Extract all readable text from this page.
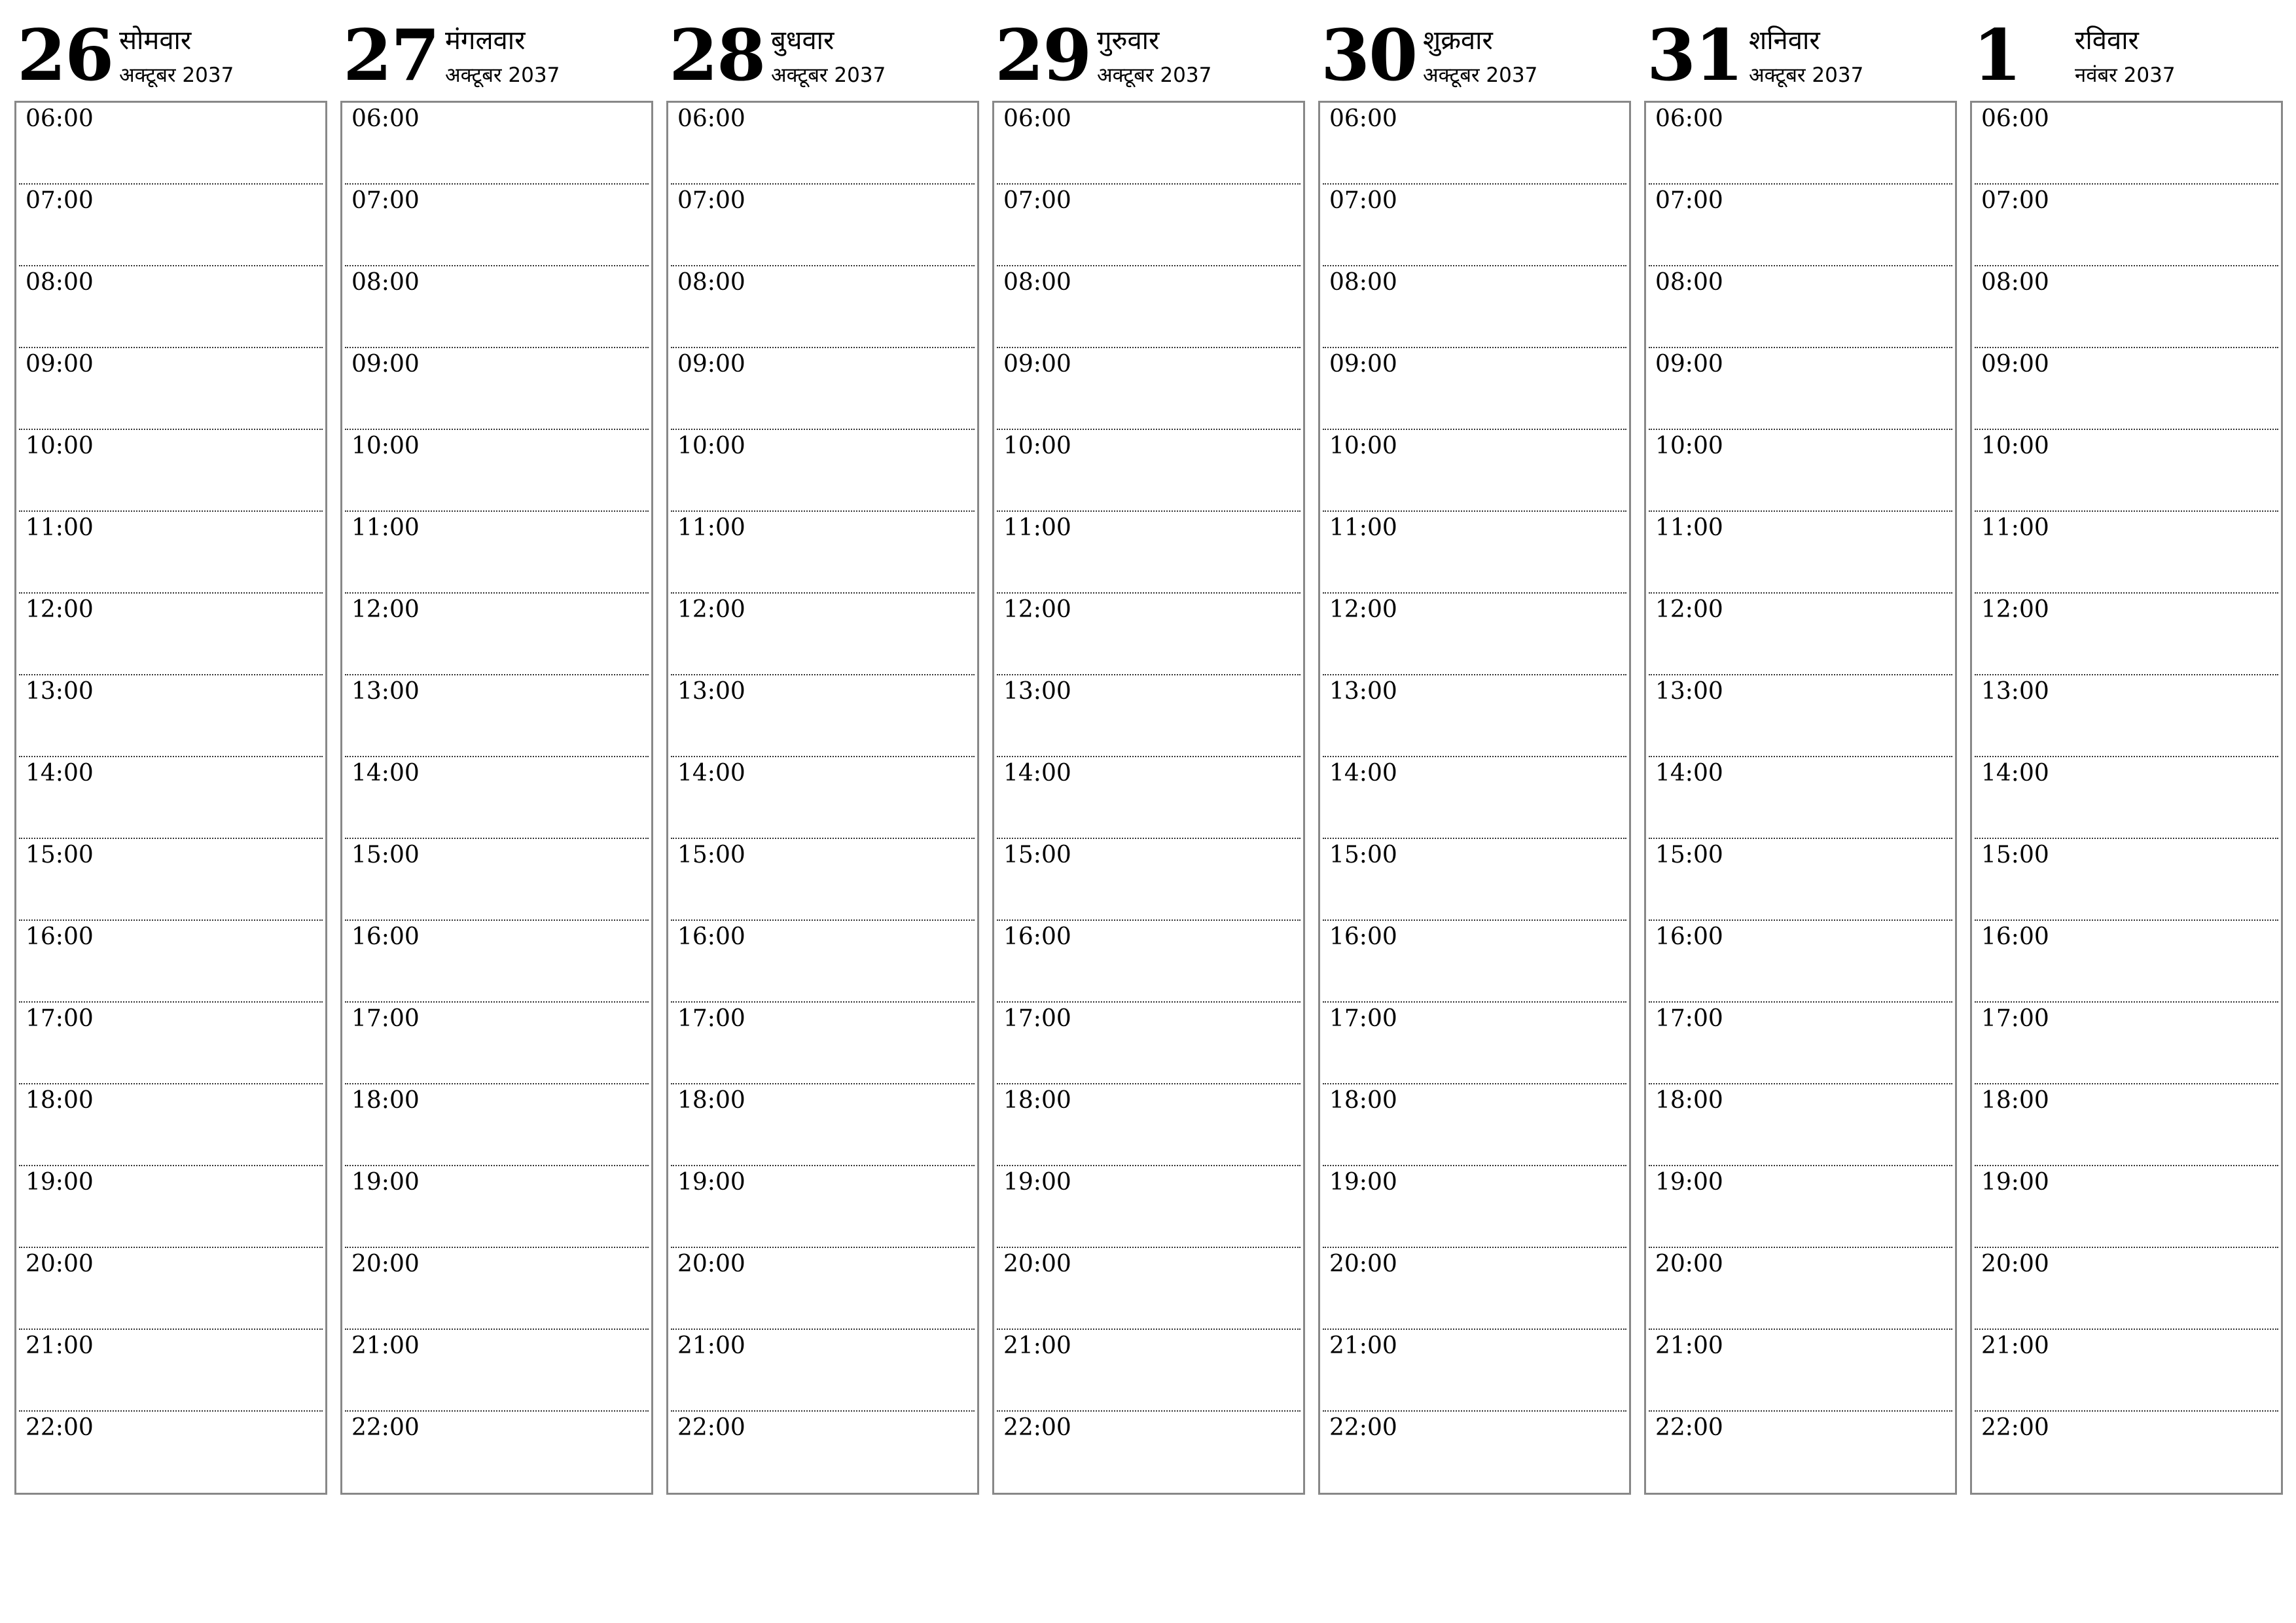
26 सोमवार
अक्टूबर 2037
06:00
07:00
08:00
09:00
10:00
11:00
12:00
13:00
14:00
15:00
16:00
17:00
18:00
19:00
20:00
21:00
22:00
27 मंगलवार
अक्टूबर 2037
06:00
07:00
08:00
09:00
10:00
11:00
12:00
13:00
14:00
15:00
16:00
17:00
18:00
19:00
20:00
21:00
22:00
28 बुधवार
अक्टूबर 2037
06:00
07:00
08:00
09:00
10:00
11:00
12:00
13:00
14:00
15:00
16:00
17:00
18:00
19:00
20:00
21:00
22:00
29 गुरुवार
अक्टूबर 2037
06:00
07:00
08:00
09:00
10:00
11:00
12:00
13:00
14:00
15:00
16:00
17:00
18:00
19:00
20:00
21:00
22:00
30 शुक्रवार
अक्टूबर 2037
06:00
07:00
08:00
09:00
10:00
11:00
12:00
13:00
14:00
15:00
16:00
17:00
18:00
19:00
20:00
21:00
22:00
31 शनिवार
अक्टूबर 2037
06:00
07:00
08:00
09:00
10:00
11:00
12:00
13:00
14:00
15:00
16:00
17:00
18:00
19:00
20:00
21:00
22:00
1 रविवार
नवंबर 2037
06:00
07:00
08:00
09:00
10:00
11:00
12:00
13:00
14:00
15:00
16:00
17:00
18:00
19:00
20:00
21:00
22:00
